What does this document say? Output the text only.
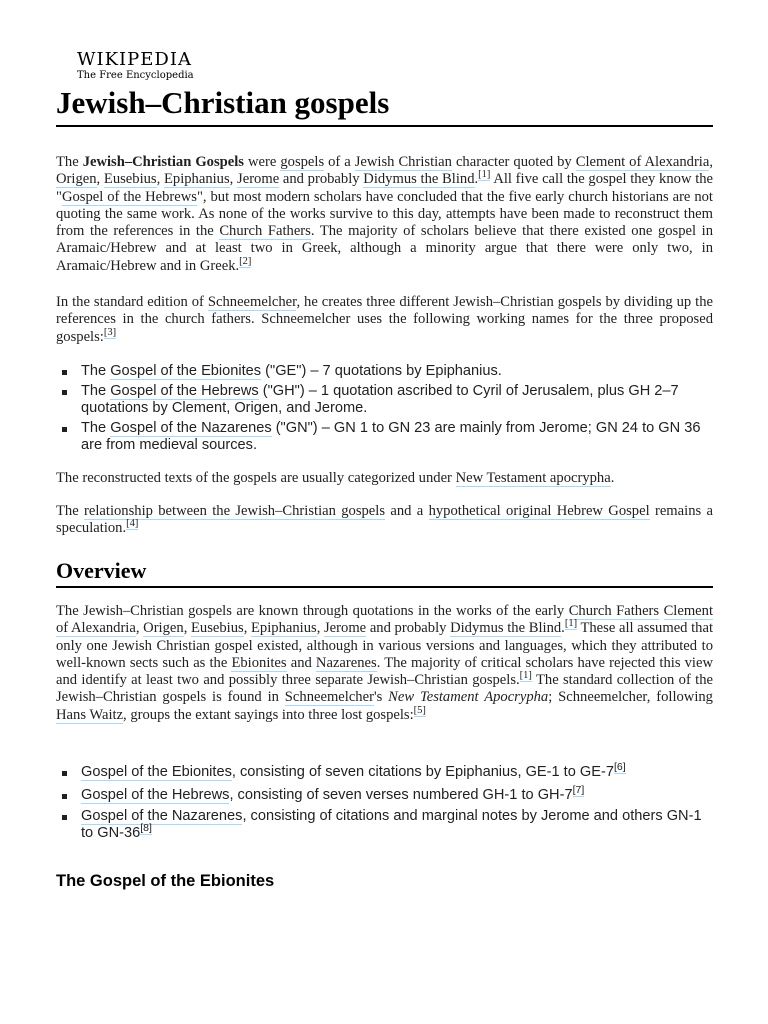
WIKIPEDIA
The Free Encyclopedia
Jewish–Christian gospels

The Jewish–Christian Gospels were gospels of a Jewish Christian character quoted by Clement of Alexandria, Origen, Eusebius, Epiphanius, Jerome and probably Didymus the Blind.[1] All five call the gospel they know the "Gospel of the Hebrews", but most modern scholars have concluded that the five early church historians are not quoting the same work. As none of the works survive to this day, attempts have been made to reconstruct them from the references in the Church Fathers. The majority of scholars believe that there existed one gospel in Aramaic/Hebrew and at least two in Greek, although a minority argue that there were only two, in Aramaic/Hebrew and in Greek.[2]

In the standard edition of Schneemelcher, he creates three different Jewish–Christian gospels by dividing up the references in the church fathers. Schneemelcher uses the following working names for the three proposed gospels:[3]

The Gospel of the Ebionites ("GE") – 7 quotations by Epiphanius.
The Gospel of the Hebrews ("GH") – 1 quotation ascribed to Cyril of Jerusalem, plus GH 2–7 quotations by Clement, Origen, and Jerome.
The Gospel of the Nazarenes ("GN") – GN 1 to GN 23 are mainly from Jerome; GN 24 to GN 36 are from medieval sources.

The reconstructed texts of the gospels are usually categorized under New Testament apocrypha.

The relationship between the Jewish–Christian gospels and a hypothetical original Hebrew Gospel remains a speculation.[4]

Overview

The Jewish–Christian gospels are known through quotations in the works of the early Church Fathers Clement of Alexandria, Origen, Eusebius, Epiphanius, Jerome and probably Didymus the Blind.[1] These all assumed that only one Jewish Christian gospel existed, although in various versions and languages, which they attributed to well-known sects such as the Ebionites and Nazarenes. The majority of critical scholars have rejected this view and identify at least two and possibly three separate Jewish–Christian gospels.[1] The standard collection of the Jewish–Christian gospels is found in Schneemelcher's New Testament Apocrypha; Schneemelcher, following Hans Waitz, groups the extant sayings into three lost gospels:[5]

Gospel of the Ebionites, consisting of seven citations by Epiphanius, GE-1 to GE-7[6]
Gospel of the Hebrews, consisting of seven verses numbered GH-1 to GH-7[7]
Gospel of the Nazarenes, consisting of citations and marginal notes by Jerome and others GN-1 to GN-36[8]
The Gospel of the Ebionites
